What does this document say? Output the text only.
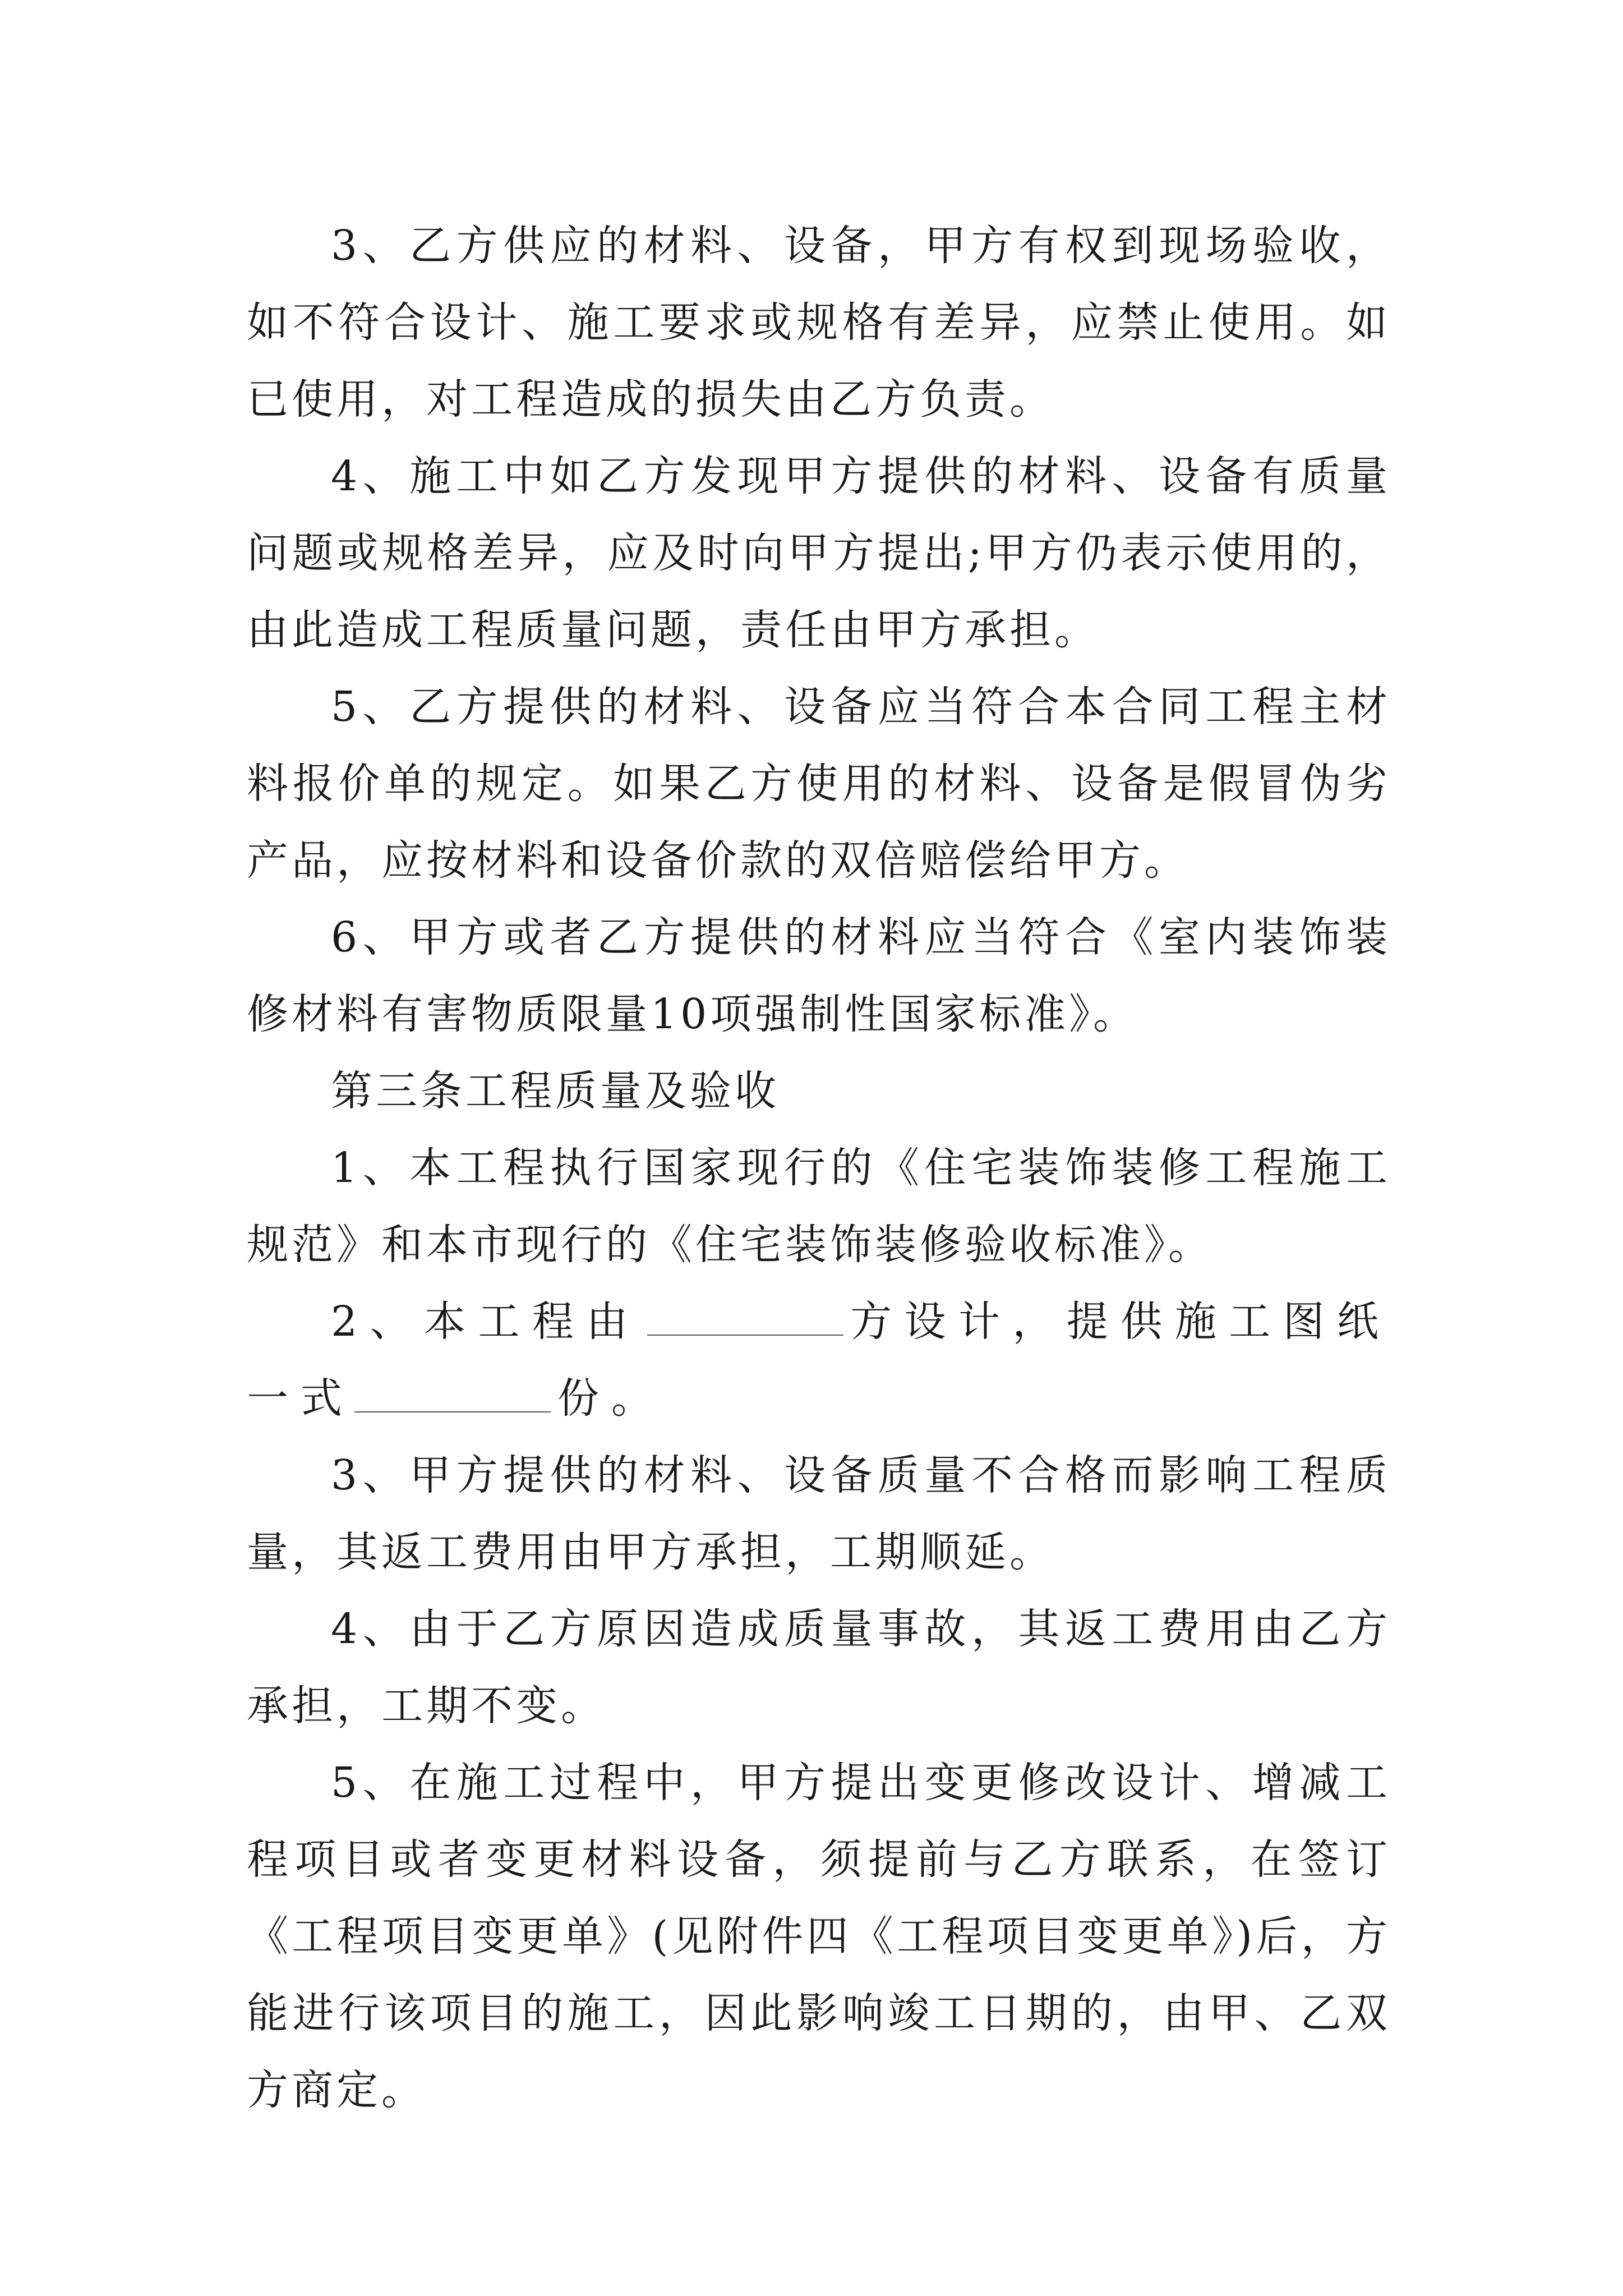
3、乙方供应的材料、设备，甲方有权到现场验收，如不符合设计、施工要求或规格有差异，应禁止使用。如已使用，对工程造成的损失由乙方负责。

4、施工中如乙方发现甲方提供的材料、设备有质量问题或规格差异，应及时向甲方提出;甲方仍表示使用的，由此造成工程质量问题，责任由甲方承担。

5、乙方提供的材料、设备应当符合本合同工程主材料报价单的规定。如果乙方使用的材料、设备是假冒伪劣产品，应按材料和设备价款的双倍赔偿给甲方。

6、甲方或者乙方提供的材料应当符合《室内装饰装修材料有害物质限量10项强制性国家标准》。

第三条工程质量及验收

1、本工程执行国家现行的《住宅装饰装修工程施工规范》和本市现行的《住宅装饰装修验收标准》。

2、本工程由	方设计，提供施工图纸一式	份。

3、甲方提供的材料、设备质量不合格而影响工程质量，其返工费用由甲方承担，工期顺延。

4、由于乙方原因造成质量事故，其返工费用由乙方承担，工期不变。

5、在施工过程中，甲方提出变更修改设计、增减工程项目或者变更材料设备，须提前与乙方联系，在签订《工程项目变更单》(见附件四《工程项目变更单》)后，方能进行该项目的施工，因此影响竣工日期的，由甲、乙双方商定。
